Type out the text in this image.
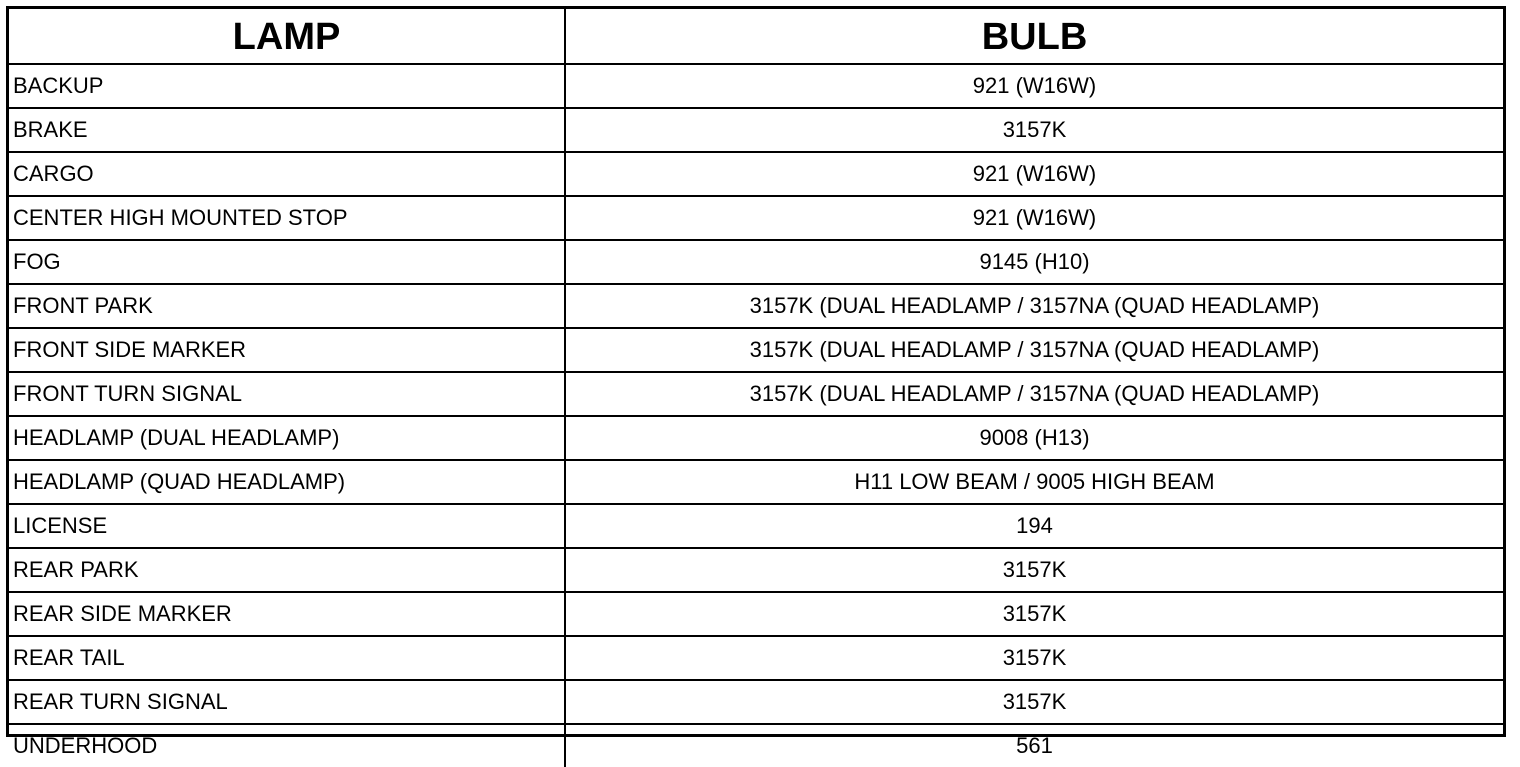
LAMP	BULB
BACKUP	921 (W16W)
BRAKE	3157K
CARGO	921 (W16W)
CENTER HIGH MOUNTED STOP	921 (W16W)
FOG	9145 (H10)
FRONT PARK	3157K (DUAL HEADLAMP / 3157NA (QUAD HEADLAMP)
FRONT SIDE MARKER	3157K (DUAL HEADLAMP / 3157NA (QUAD HEADLAMP)
FRONT TURN SIGNAL	3157K (DUAL HEADLAMP / 3157NA (QUAD HEADLAMP)
HEADLAMP (DUAL HEADLAMP)	9008 (H13)
HEADLAMP (QUAD HEADLAMP)	H11 LOW BEAM / 9005 HIGH BEAM
LICENSE	194
REAR PARK	3157K
REAR SIDE MARKER	3157K
REAR TAIL	3157K
REAR TURN SIGNAL	3157K
UNDERHOOD	561
